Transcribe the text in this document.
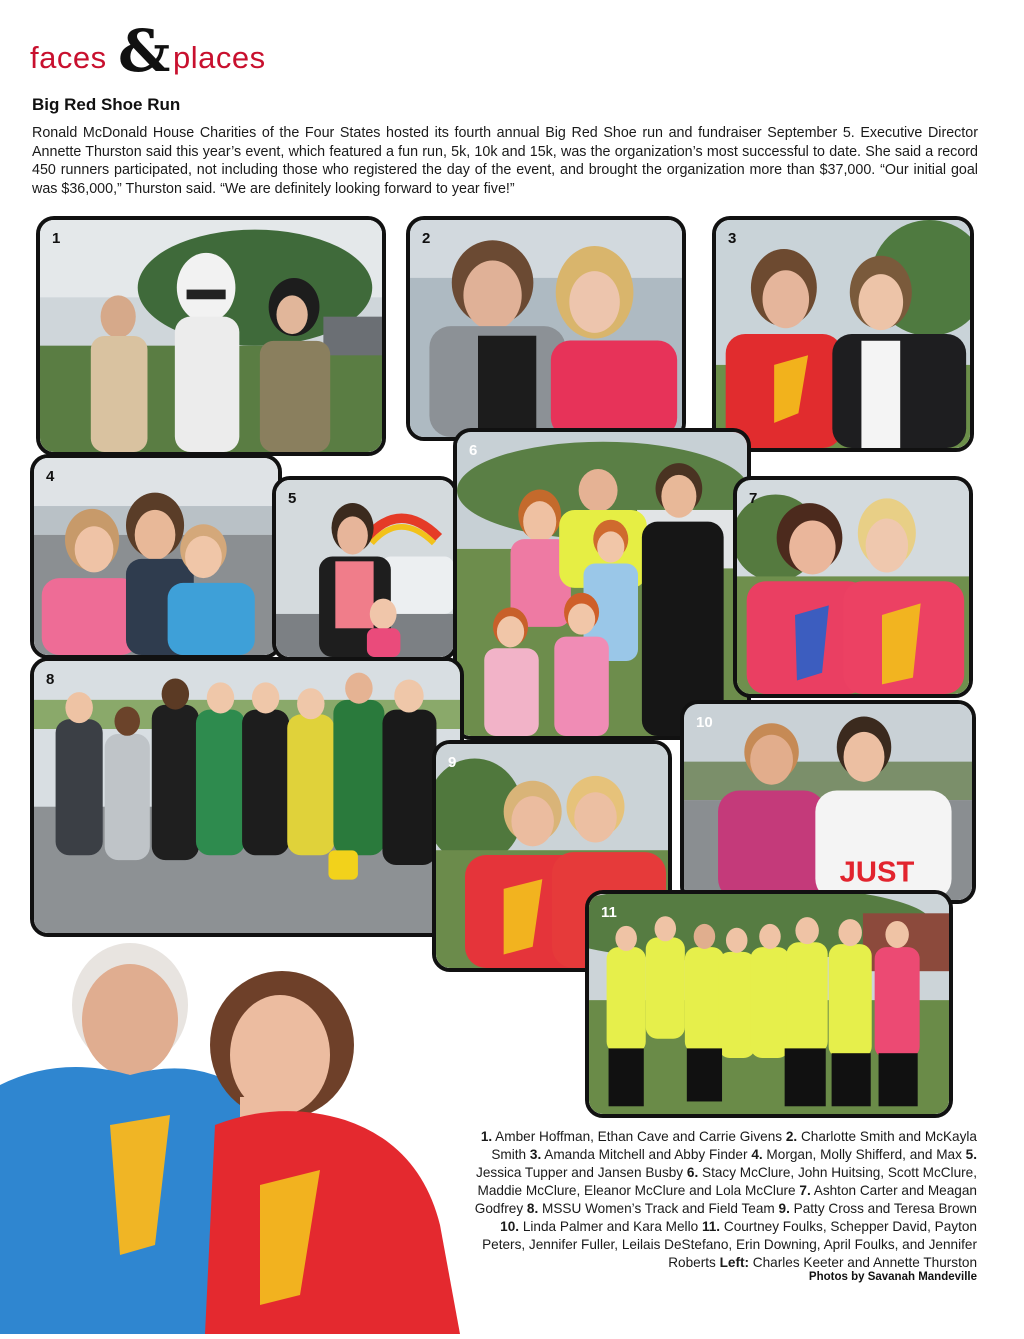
faces & places
Big Red Shoe Run

Ronald McDonald House Charities of the Four States hosted its fourth annual Big Red Shoe run and fundraiser September 5. Executive Director Annette Thurston said this year’s event, which featured a fun run, 5k, 10k and 15k, was the organization’s most successful to date. She said a record 450 runners participated, not including those who registered the day of the event, and brought the organization more than $37,000. “Our initial goal was $36,000,” Thurston said. “We are definitely looking forward to year five!”

1	2	3
4
5
6
7
8
9
JUST
10
11

1. Amber Hoffman, Ethan Cave and Carrie Givens 2. Charlotte Smith and McKayla Smith 3. Amanda Mitchell and Abby Finder 4. Morgan, Molly Shifferd, and Max 5. Jessica Tupper and Jansen Busby 6. Stacy McClure, John Huitsing, Scott McClure, Maddie McClure, Eleanor McClure and Lola McClure 7. Ashton Carter and Meagan Godfrey 8. MSSU Women’s Track and Field Team 9. Patty Cross and Teresa Brown 10. Linda Palmer and Kara Mello 11. Courtney Foulks, Schepper David, Payton Peters, Jennifer Fuller, Leilais DeStefano, Erin Downing, April Foulks, and Jennifer Roberts Left: Charles Keeter and Annette Thurston

Photos by Savanah Mandeville
